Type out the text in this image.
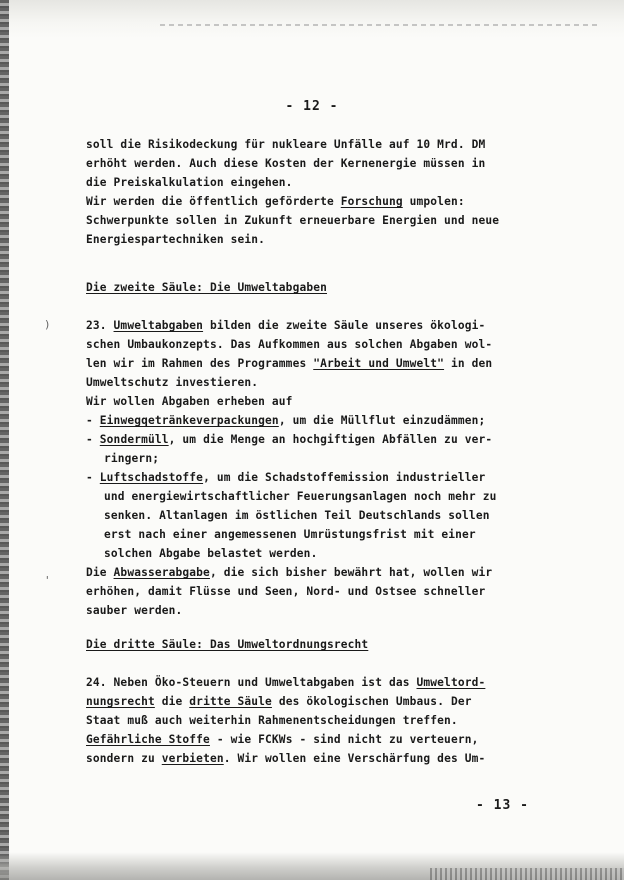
)
'
- 12 -
soll die Risikodeckung für nukleare Unfälle auf 10 Mrd. DM
erhöht werden. Auch diese Kosten der Kernenergie müssen in
die Preiskalkulation eingehen.
Wir werden die öffentlich geförderte Forschung umpolen:
Schwerpunkte sollen in Zukunft erneuerbare Energien und neue
Energiespartechniken sein.
Die zweite Säule: Die Umweltabgaben
23. Umweltabgaben bilden die zweite Säule unseres ökologi-
schen Umbaukonzepts. Das Aufkommen aus solchen Abgaben wol-
len wir im Rahmen des Programmes "Arbeit und Umwelt" in den
Umweltschutz investieren.
Wir wollen Abgaben erheben auf
- Einwegqetränkeverpackungen, um die Müllflut einzudämmen;
- Sondermüll, um die Menge an hochgiftigen Abfällen zu ver-
ringern;
- Luftschadstoffe, um die Schadstoffemission industrieller
und energiewirtschaftlicher Feuerungsanlagen noch mehr zu
senken. Altanlagen im östlichen Teil Deutschlands sollen
erst nach einer angemessenen Umrüstungsfrist mit einer
solchen Abgabe belastet werden.
Die Abwasserabgabe, die sich bisher bewährt hat, wollen wir
erhöhen, damit Flüsse und Seen, Nord- und Ostsee schneller
sauber werden.
Die dritte Säule: Das Umweltordnungsrecht
24. Neben Öko-Steuern und Umweltabgaben ist das Umweltord-
nungsrecht die dritte Säule des ökologischen Umbaus. Der
Staat muß auch weiterhin Rahmenentscheidungen treffen.
Gefährliche Stoffe - wie FCKWs - sind nicht zu verteuern,
sondern zu verbieten. Wir wollen eine Verschärfung des Um-
- 13 -
